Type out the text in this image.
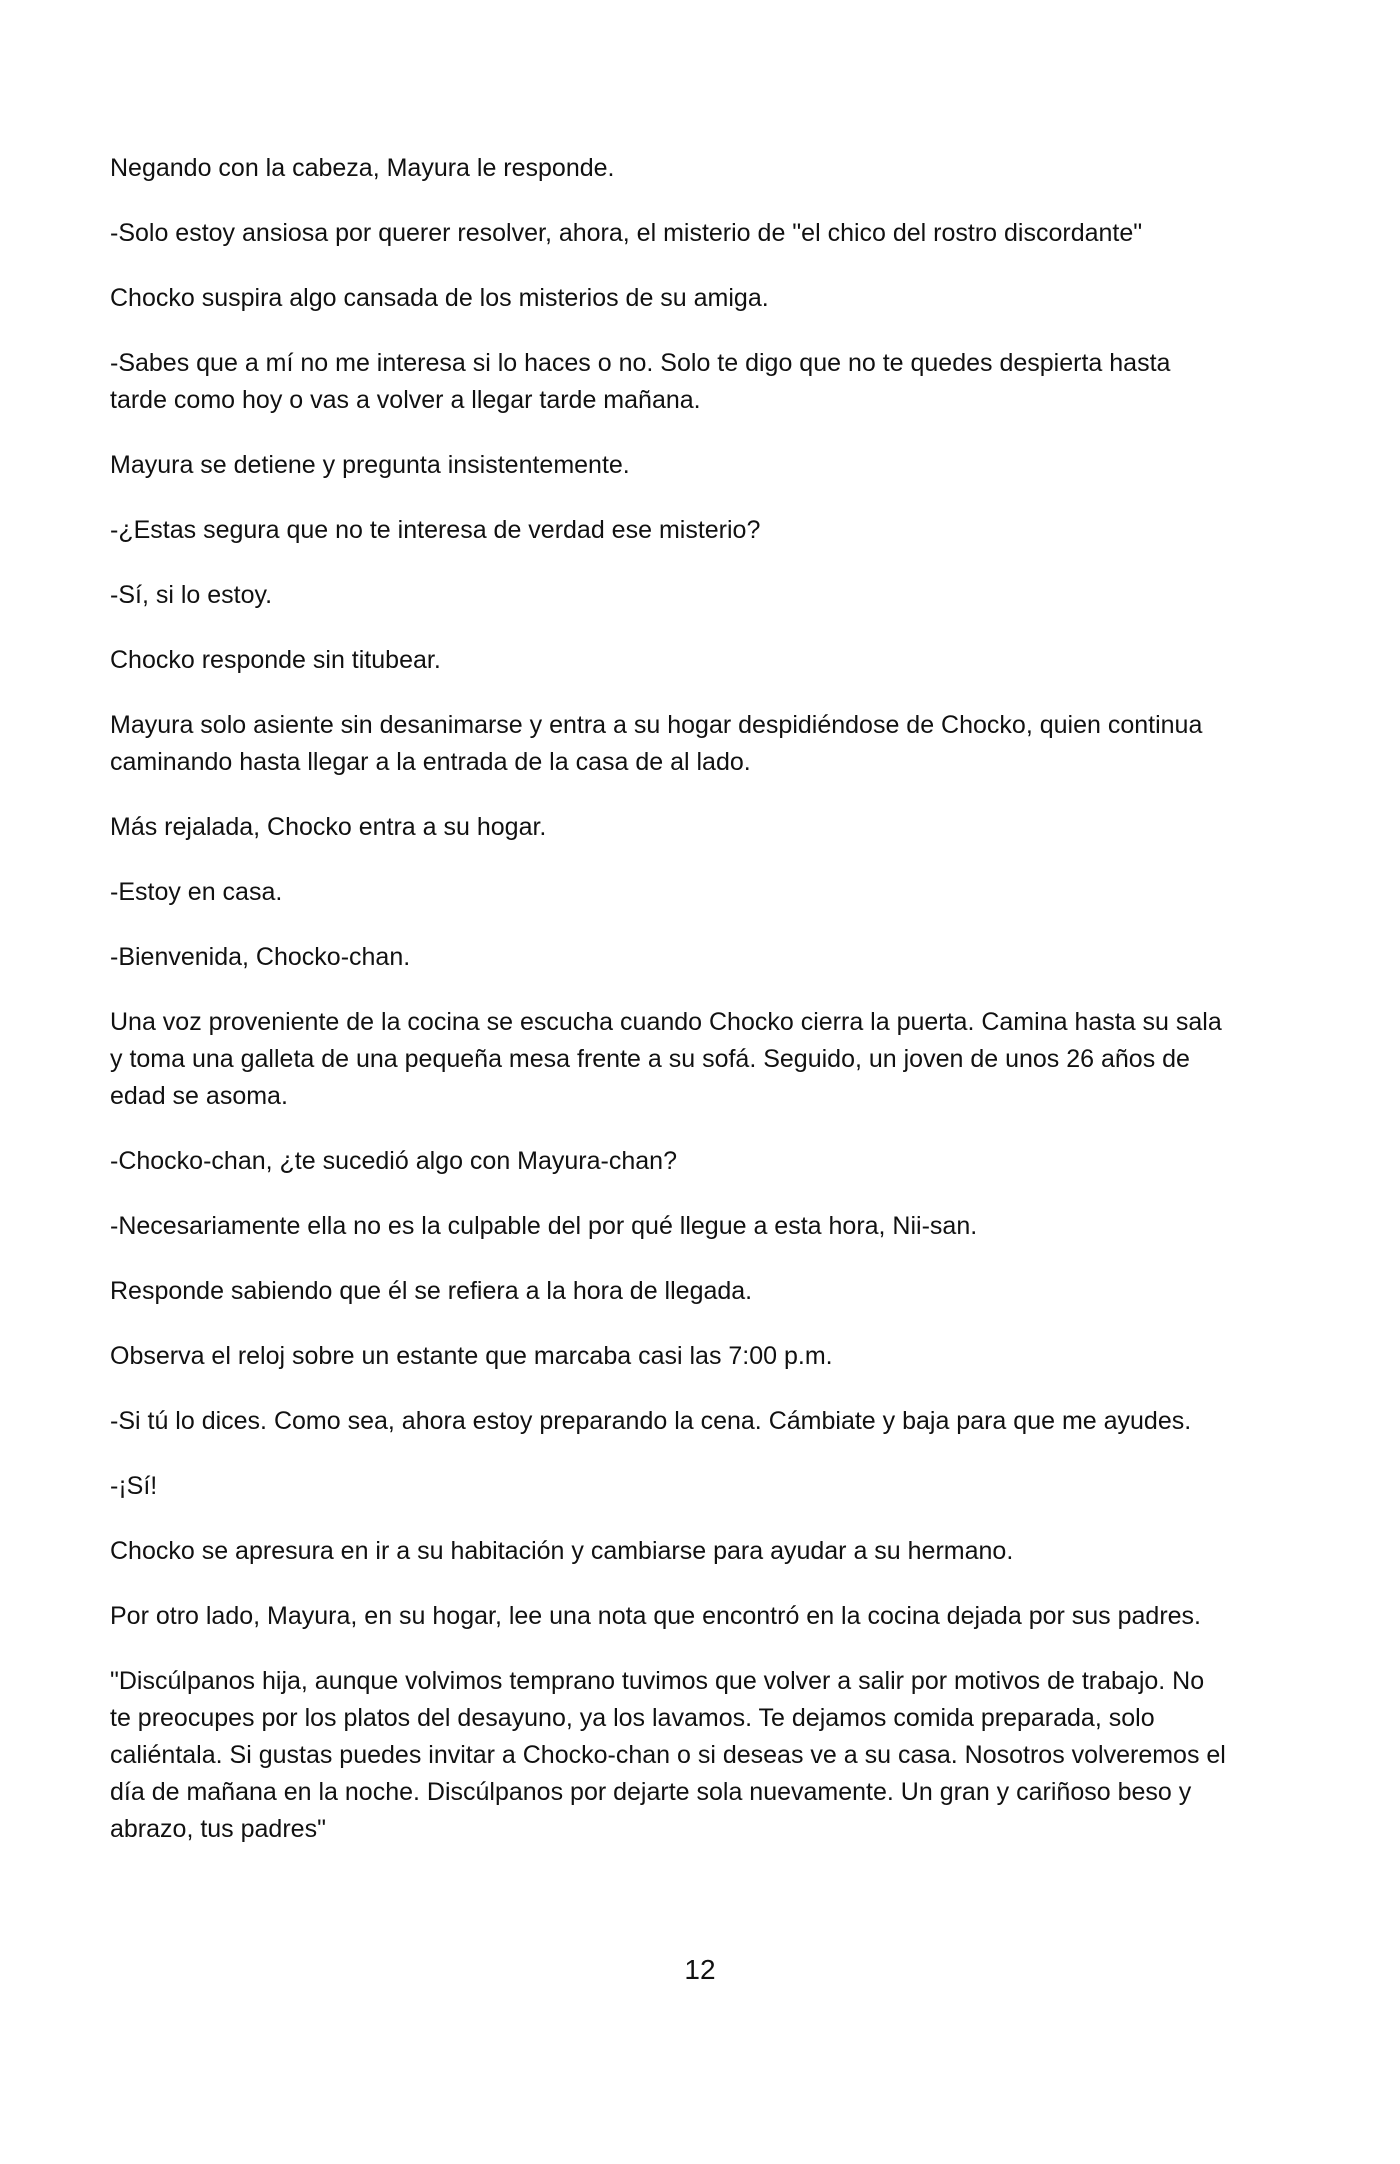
Negando con la cabeza, Mayura le responde.

-Solo estoy ansiosa por querer resolver, ahora, el misterio de "el chico del rostro discordante"

Chocko suspira algo cansada de los misterios de su amiga.

-Sabes que a mí no me interesa si lo haces o no. Solo te digo que no te quedes despierta hasta tarde como hoy o vas a volver a llegar tarde mañana.

Mayura se detiene y pregunta insistentemente.

-¿Estas segura que no te interesa de verdad ese misterio?

-Sí, si lo estoy.

Chocko responde sin titubear.

Mayura solo asiente sin desanimarse y entra a su hogar despidiéndose de Chocko, quien continua caminando hasta llegar a la entrada de la casa de al lado.

Más rejalada, Chocko entra a su hogar.

-Estoy en casa.

-Bienvenida, Chocko-chan.

Una voz proveniente de la cocina se escucha cuando Chocko cierra la puerta. Camina hasta su sala y toma una galleta de una pequeña mesa frente a su sofá. Seguido, un joven de unos 26 años de edad se asoma.

-Chocko-chan, ¿te sucedió algo con Mayura-chan?

-Necesariamente ella no es la culpable del por qué llegue a esta hora, Nii-san.

Responde sabiendo que él se refiera a la hora de llegada.

Observa el reloj sobre un estante que marcaba casi las 7:00 p.m.

-Si tú lo dices. Como sea, ahora estoy preparando la cena. Cámbiate y baja para que me ayudes.

-¡Sí!

Chocko se apresura en ir a su habitación y cambiarse para ayudar a su hermano.

Por otro lado, Mayura, en su hogar, lee una nota que encontró en la cocina dejada por sus padres.

"Discúlpanos hija, aunque volvimos temprano tuvimos que volver a salir por motivos de trabajo. No te preocupes por los platos del desayuno, ya los lavamos. Te dejamos comida preparada, solo caliéntala. Si gustas puedes invitar a Chocko-chan o si deseas ve a su casa. Nosotros volveremos el día de mañana en la noche. Discúlpanos por dejarte sola nuevamente. Un gran y cariñoso beso y abrazo, tus padres"

12
